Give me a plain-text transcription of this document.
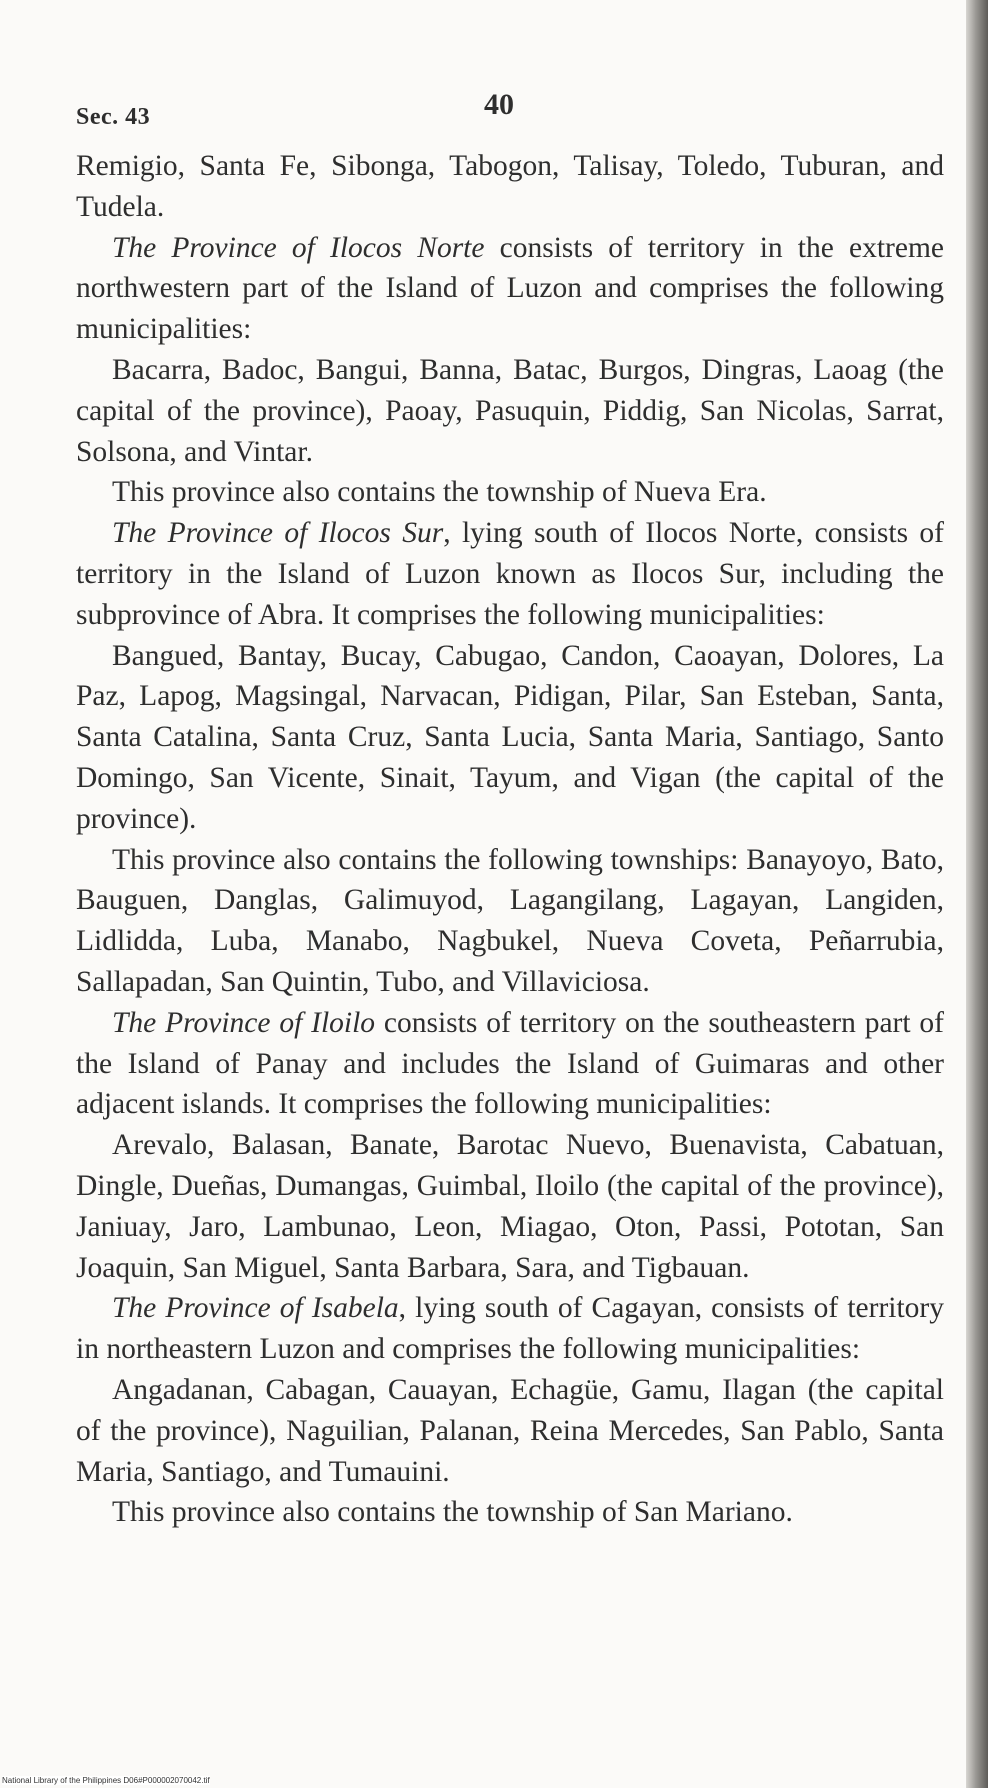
Sec. 43	40

Remigio, Santa Fe, Sibonga, Tabogon, Talisay, Toledo, Tuburan, and Tudela.

The Province of Ilocos Norte consists of territory in the extreme northwestern part of the Island of Luzon and comprises the following municipalities:

Bacarra, Badoc, Bangui, Banna, Batac, Burgos, Dingras, Laoag (the capital of the province), Paoay, Pasuquin, Piddig, San Nicolas, Sarrat, Solsona, and Vintar.

This province also contains the township of Nueva Era.

The Province of Ilocos Sur, lying south of Ilocos Norte, consists of territory in the Island of Luzon known as Ilocos Sur, including the subprovince of Abra. It comprises the following municipalities:

Bangued, Bantay, Bucay, Cabugao, Candon, Caoayan, Dolores, La Paz, Lapog, Magsingal, Narvacan, Pidigan, Pilar, San Esteban, Santa, Santa Catalina, Santa Cruz, Santa Lucia, Santa Maria, Santiago, Santo Domingo, San Vicente, Sinait, Tayum, and Vigan (the capital of the province).

This province also contains the following townships: Banayoyo, Bato, Bauguen, Danglas, Galimuyod, Lagangilang, Lagayan, Langiden, Lidlidda, Luba, Manabo, Nagbukel, Nueva Coveta, Peñarrubia, Sallapadan, San Quintin, Tubo, and Villaviciosa.

The Province of Iloilo consists of territory on the southeastern part of the Island of Panay and includes the Island of Guimaras and other adjacent islands. It comprises the following municipalities:

Arevalo, Balasan, Banate, Barotac Nuevo, Buenavista, Cabatuan, Dingle, Dueñas, Dumangas, Guimbal, Iloilo (the capital of the province), Janiuay, Jaro, Lambunao, Leon, Miagao, Oton, Passi, Pototan, San Joaquin, San Miguel, Santa Barbara, Sara, and Tigbauan.

The Province of Isabela, lying south of Cagayan, consists of territory in northeastern Luzon and comprises the following municipalities:

Angadanan, Cabagan, Cauayan, Echagüe, Gamu, Ilagan (the capital of the province), Naguilian, Palanan, Reina Mercedes, San Pablo, Santa Maria, Santiago, and Tumauini.

This province also contains the township of San Mariano.

National Library of the Philippines D06#P000002070042.tif
